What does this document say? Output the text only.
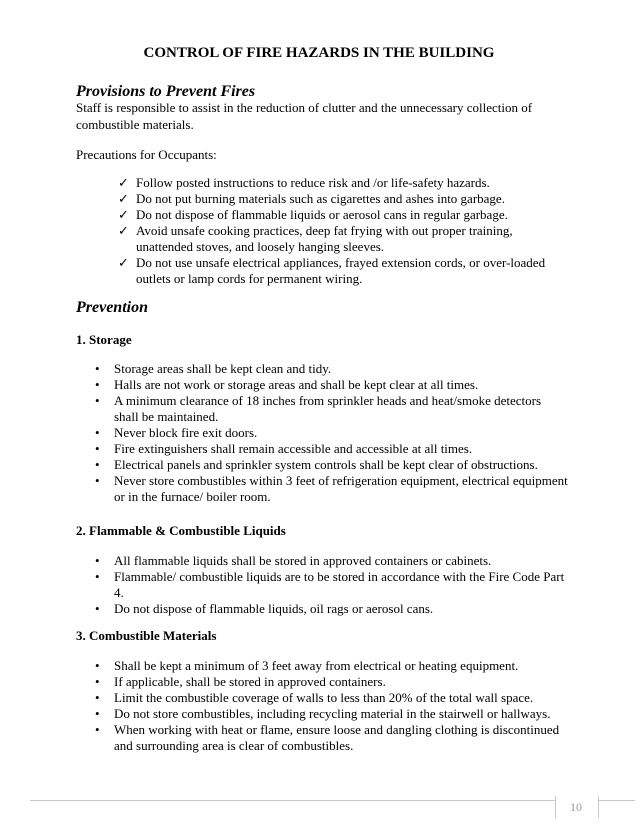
CONTROL OF FIRE HAZARDS IN THE BUILDING
Provisions to Prevent Fires
Staff is responsible to assist in the reduction of clutter and the unnecessary collection of
combustible materials.
Precautions for Occupants:
✓ Follow posted instructions to reduce risk and /or life-safety hazards.
✓ Do not put burning materials such as cigarettes and ashes into garbage.
✓ Do not dispose of flammable liquids or aerosol cans in regular garbage.
✓ Avoid unsafe cooking practices, deep fat frying with out proper training, unattended stoves, and loosely hanging sleeves.
✓ Do not use unsafe electrical appliances, frayed extension cords, or over-loaded outlets or lamp cords for permanent wiring.
Prevention
1. Storage
• Storage areas shall be kept clean and tidy.
• Halls are not work or storage areas and shall be kept clear at all times.
• A minimum clearance of 18 inches from sprinkler heads and heat/smoke detectors shall be maintained.
• Never block fire exit doors.
• Fire extinguishers shall remain accessible and accessible at all times.
• Electrical panels and sprinkler system controls shall be kept clear of obstructions.
• Never store combustibles within 3 feet of refrigeration equipment, electrical equipment or in the furnace/ boiler room.
2. Flammable & Combustible Liquids
• All flammable liquids shall be stored in approved containers or cabinets.
• Flammable/ combustible liquids are to be stored in accordance with the Fire Code Part 4.
• Do not dispose of flammable liquids, oil rags or aerosol cans.
3. Combustible Materials
• Shall be kept a minimum of 3 feet away from electrical or heating equipment.
• If applicable, shall be stored in approved containers.
• Limit the combustible coverage of walls to less than 20% of the total wall space.
• Do not store combustibles, including recycling material in the stairwell or hallways.
• When working with heat or flame, ensure loose and dangling clothing is discontinued and surrounding area is clear of combustibles.
10
